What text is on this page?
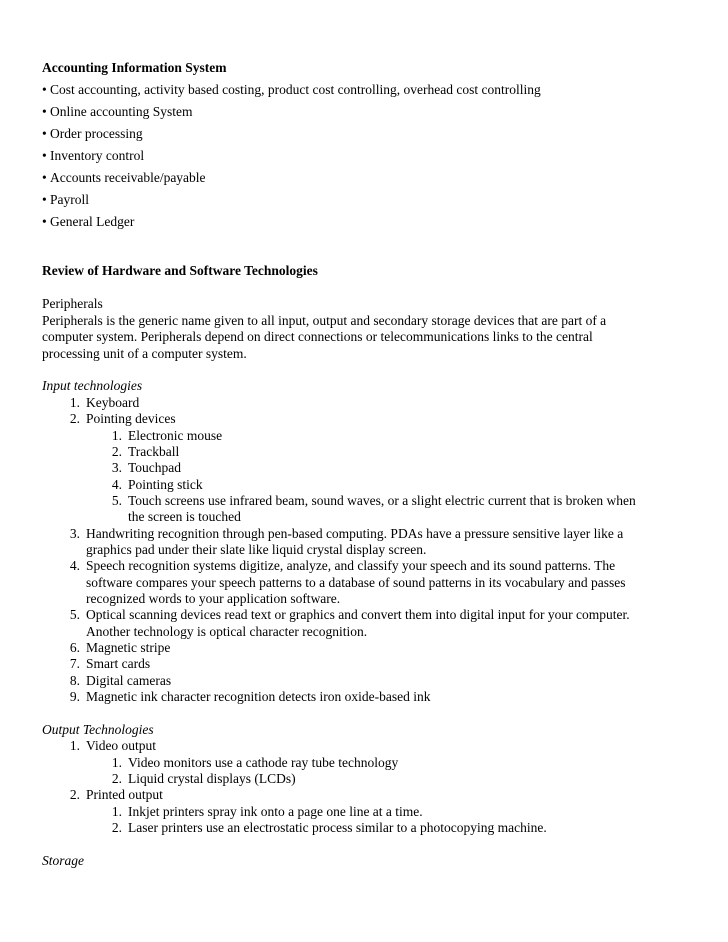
Accounting Information System
• Cost accounting, activity based costing, product cost controlling, overhead cost controlling
• Online accounting System
• Order processing
• Inventory control
• Accounts receivable/payable
• Payroll
• General Ledger
Review of Hardware and Software Technologies
Peripherals
Peripherals is the generic name given to all input, output and secondary storage devices that are part of a
computer system. Peripherals depend on direct connections or telecommunications links to the central
processing unit of a computer system.
Input technologies
1. Keyboard
2. Pointing devices
1. Electronic mouse
2. Trackball
3. Touchpad
4. Pointing stick
5. Touch screens use infrared beam, sound waves, or a slight electric current that is broken when
the screen is touched
3. Handwriting recognition through pen-based computing. PDAs have a pressure sensitive layer like a
graphics pad under their slate like liquid crystal display screen.
4. Speech recognition systems digitize, analyze, and classify your speech and its sound patterns. The
software compares your speech patterns to a database of sound patterns in its vocabulary and passes
recognized words to your application software.
5. Optical scanning devices read text or graphics and convert them into digital input for your computer.
Another technology is optical character recognition.
6. Magnetic stripe
7. Smart cards
8. Digital cameras
9. Magnetic ink character recognition detects iron oxide-based ink
Output Technologies
1. Video output
1. Video monitors use a cathode ray tube technology
2. Liquid crystal displays (LCDs)
2. Printed output
1. Inkjet printers spray ink onto a page one line at a time.
2. Laser printers use an electrostatic process similar to a photocopying machine.
Storage
